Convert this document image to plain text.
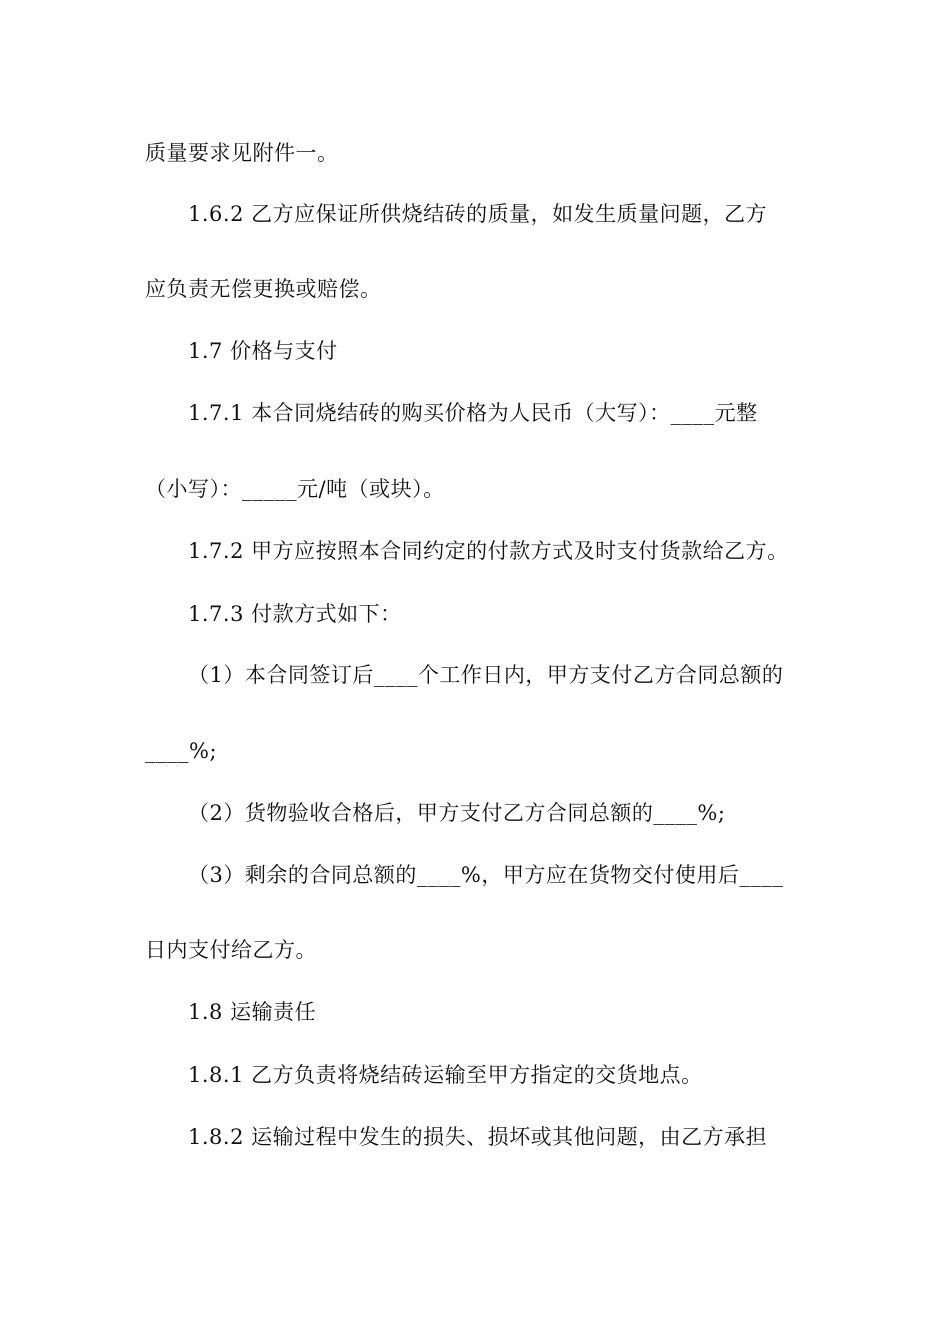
质量要求见附件一。
1.6.2 乙方应保证所供烧结砖的质量，如发生质量问题，乙方
应负责无偿更换或赔偿。
1.7 价格与支付
1.7.1 本合同烧结砖的购买价格为人民币（大写）：____元整
（小写）：_____元/吨（或块）。
1.7.2 甲方应按照本合同约定的付款方式及时支付货款给乙方。
1.7.3 付款方式如下：
（1）本合同签订后____个工作日内，甲方支付乙方合同总额的
____%;
（2）货物验收合格后，甲方支付乙方合同总额的____%;
（3）剩余的合同总额的____%，甲方应在货物交付使用后____
日内支付给乙方。
1.8 运输责任
1.8.1 乙方负责将烧结砖运输至甲方指定的交货地点。
1.8.2 运输过程中发生的损失、损坏或其他问题，由乙方承担
